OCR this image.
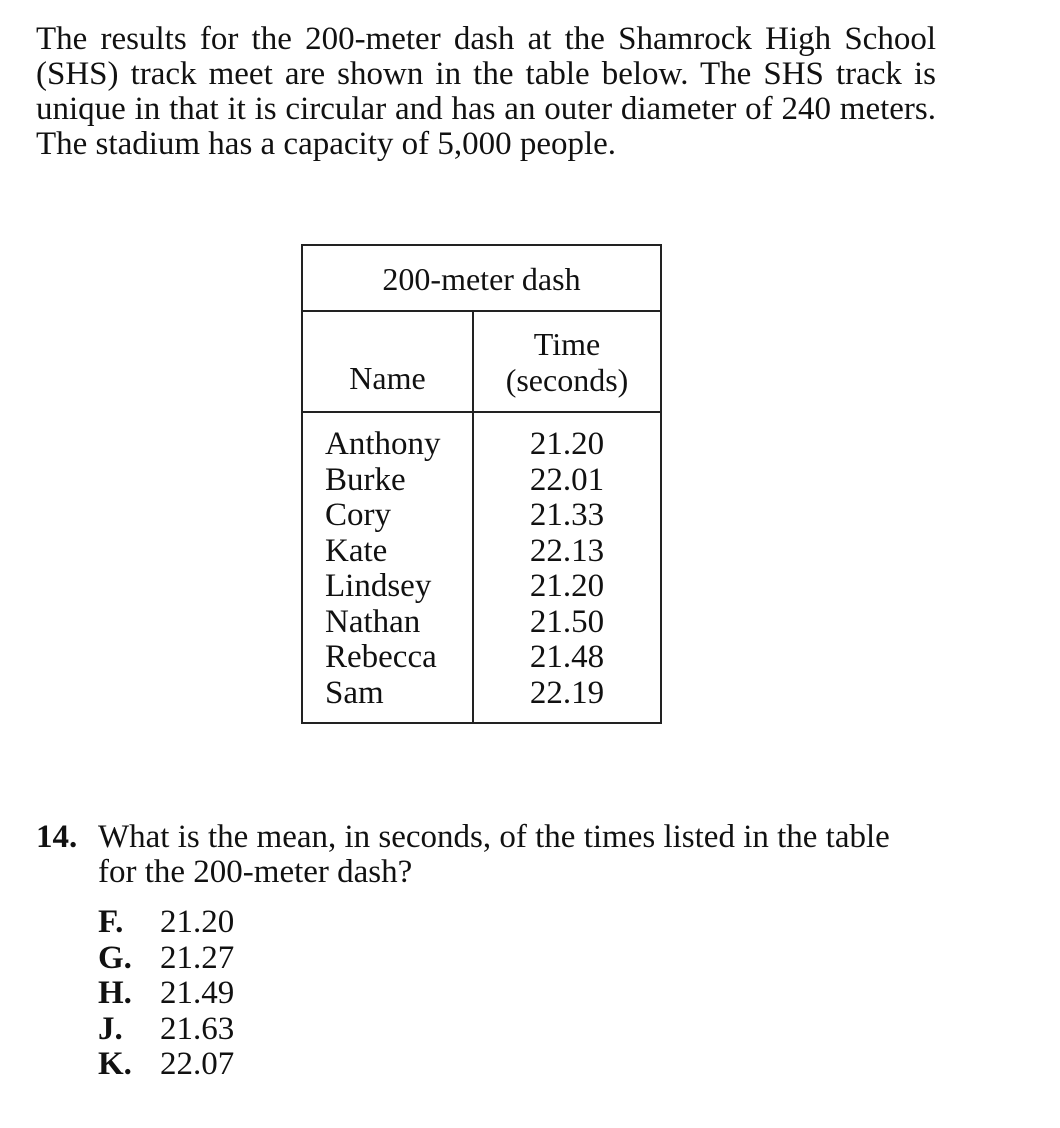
The results for the 200-meter dash at the Shamrock High School (SHS) track meet are shown in the table below. The SHS track is unique in that it is circular and has an outer diameter of 240 meters. The stadium has a capacity of 5,000 people.

200-meter dash
Name
Time
(seconds)
Anthony
Burke
Cory
Kate
Lindsey
Nathan
Rebecca
Sam
21.20
22.01
21.33
22.13
21.20
21.50
21.48
22.19
14. What is the mean, in seconds, of the times listed in the table for the 200-meter dash?
F. 21.20
G. 21.27
H. 21.49
J. 21.63
K. 22.07
